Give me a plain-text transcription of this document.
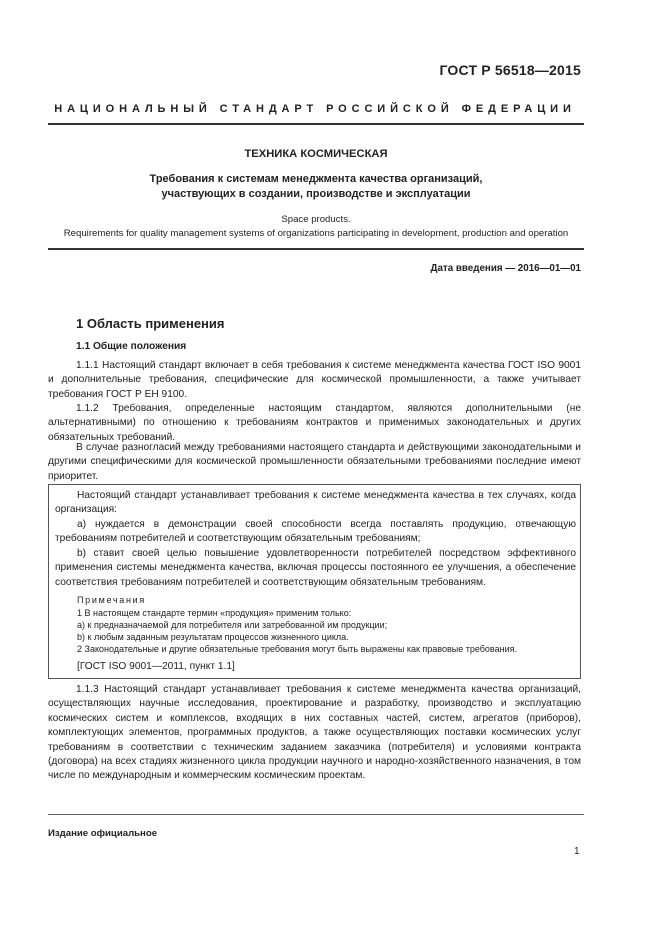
ГОСТ Р 56518—2015
НАЦИОНАЛЬНЫЙ СТАНДАРТ РОССИЙСКОЙ ФЕДЕРАЦИИ
ТЕХНИКА КОСМИЧЕСКАЯ
Требования к системам менеджмента качества организаций,
участвующих в создании, производстве и эксплуатации
Space products.
Requirements for quality management systems of organizations participating in development, production and operation
Дата введения — 2016—01—01
1 Область применения
1.1 Общие положения
1.1.1 Настоящий стандарт включает в себя требования к системе менеджмента качества ГОСТ ISO 9001 и дополнительные требования, специфические для космической промышленности, а также учитывает требования ГОСТ Р ЕН 9100.
1.1.2 Требования, определенные настоящим стандартом, являются дополнительными (не альтернативными) по отношению к требованиям контрактов и применимых законодательных и других обязательных требований.
В случае разногласий между требованиями настоящего стандарта и действующими законодательными и другими специфическими для космической промышленности обязательными требованиями последние имеют приоритет.
Настоящий стандарт устанавливает требования к системе менеджмента качества в тех случаях, когда организация:
а) нуждается в демонстрации своей способности всегда поставлять продукцию, отвечающую требованиям потребителей и соответствующим обязательным требованиям;
b) ставит своей целью повышение удовлетворенности потребителей посредством эффективного применения системы менеджмента качества, включая процессы постоянного ее улучшения, а обеспечение соответствия требованиям потребителей и соответствующим обязательным требованиям.
Примечания
1 В настоящем стандарте термин «продукция» применим только:
а) к предназначаемой для потребителя или затребованной им продукции;
b) к любым заданным результатам процессов жизненного цикла.
2 Законодательные и другие обязательные требования могут быть выражены как правовые требования.
[ГОСТ ISO 9001—2011, пункт 1.1]
1.1.3 Настоящий стандарт устанавливает требования к системе менеджмента качества организаций, осуществляющих научные исследования, проектирование и разработку, производство и эксплуатацию космических систем и комплексов, входящих в них составных частей, систем, агрегатов (приборов), комплектующих элементов, программных продуктов, а также осуществляющих поставки космических услуг требованиям в соответствии с техническим заданием заказчика (потребителя) и условиями контракта (договора) на всех стадиях жизненного цикла продукции научного и народно-хозяйственного назначения, в том числе по международным и коммерческим космическим проектам.
Издание официальное
1
